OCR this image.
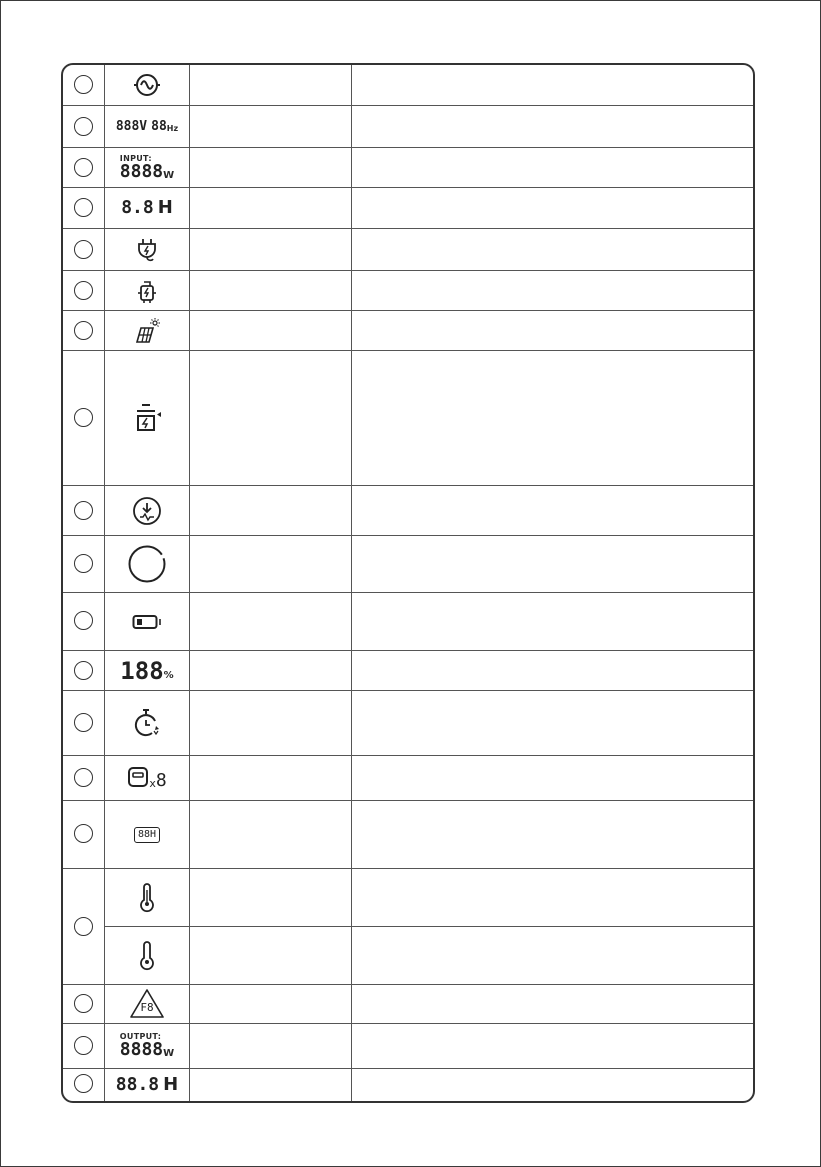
888V 88 Hz
INPUT:
8888 W
8.8 H
188 %
x 8
88H
F8
OUTPUT:
8888 W
88.8 H
